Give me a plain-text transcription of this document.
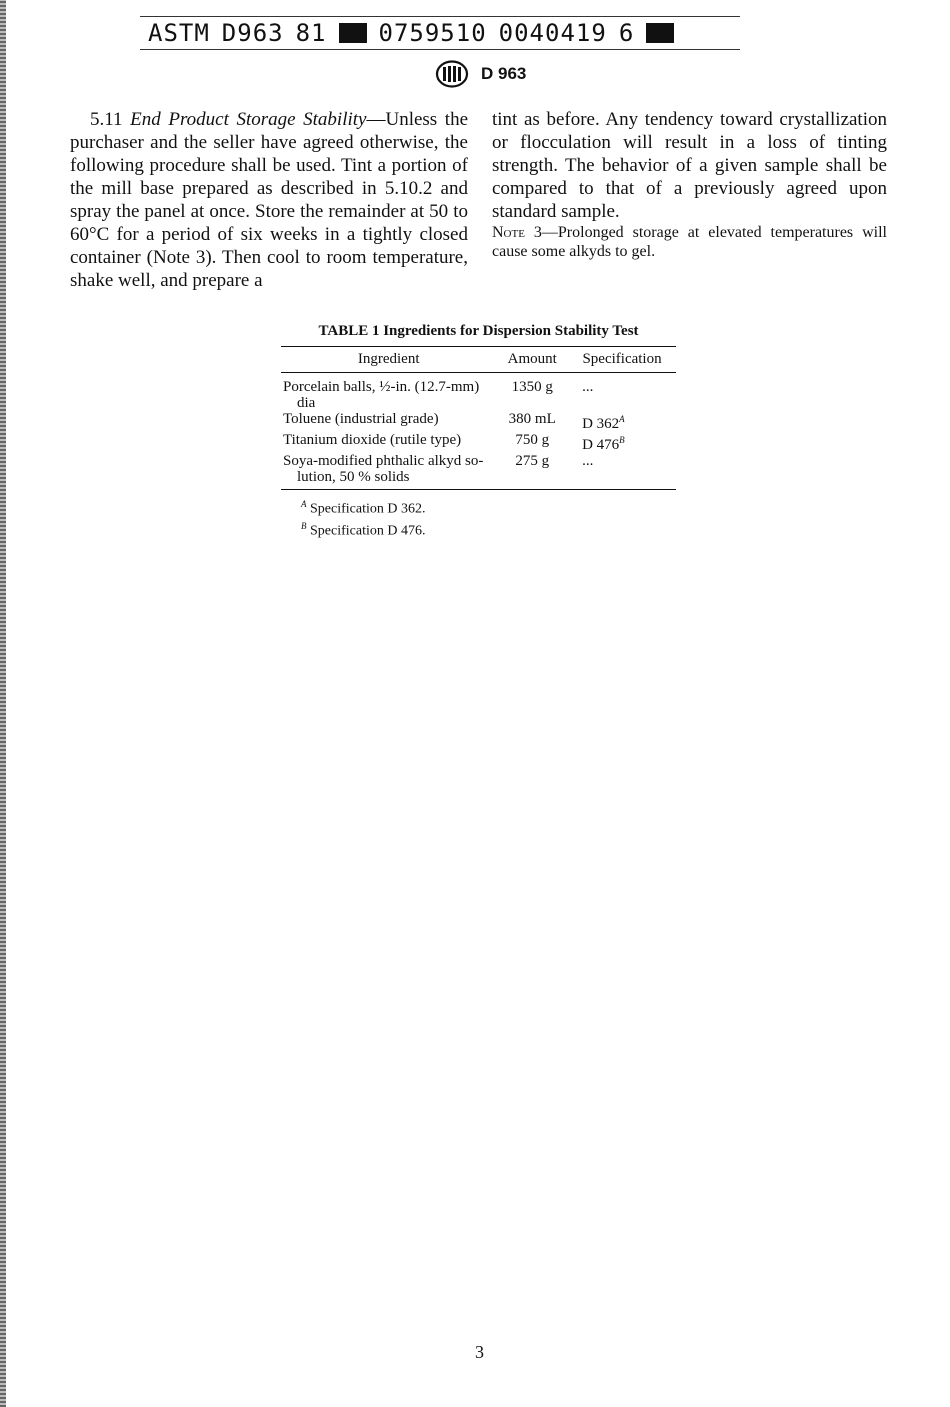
ASTM D963 81 0759510 0040419 6
D 963

5.11 End Product Storage Stability—Unless the purchaser and the seller have agreed otherwise, the following procedure shall be used. Tint a portion of the mill base prepared as described in 5.10.2 and spray the panel at once. Store the remainder at 50 to 60°C for a period of six weeks in a tightly closed container (Note 3). Then cool to room temperature, shake well, and prepare a

tint as before. Any tendency toward crystallization or flocculation will result in a loss of tinting strength. The behavior of a given sample shall be compared to that of a previously agreed upon standard sample.

Note 3—Prolonged storage at elevated temperatures will cause some alkyds to gel.

TABLE 1 Ingredients for Dispersion Stability Test
Ingredient	Amount	Specification
Porcelain balls, ½-in. (12.7-mm)
dia	1350 g	...
Toluene (industrial grade)	380 mL	D $362^A$
Titanium dioxide (rutile type)	750 g	D $476^B$
Soya-modified phthalic alkyd so-
lution, 50 % solids	275 g	...
$^A$ Specification D 362.
$^B$ Specification D 476.
3
